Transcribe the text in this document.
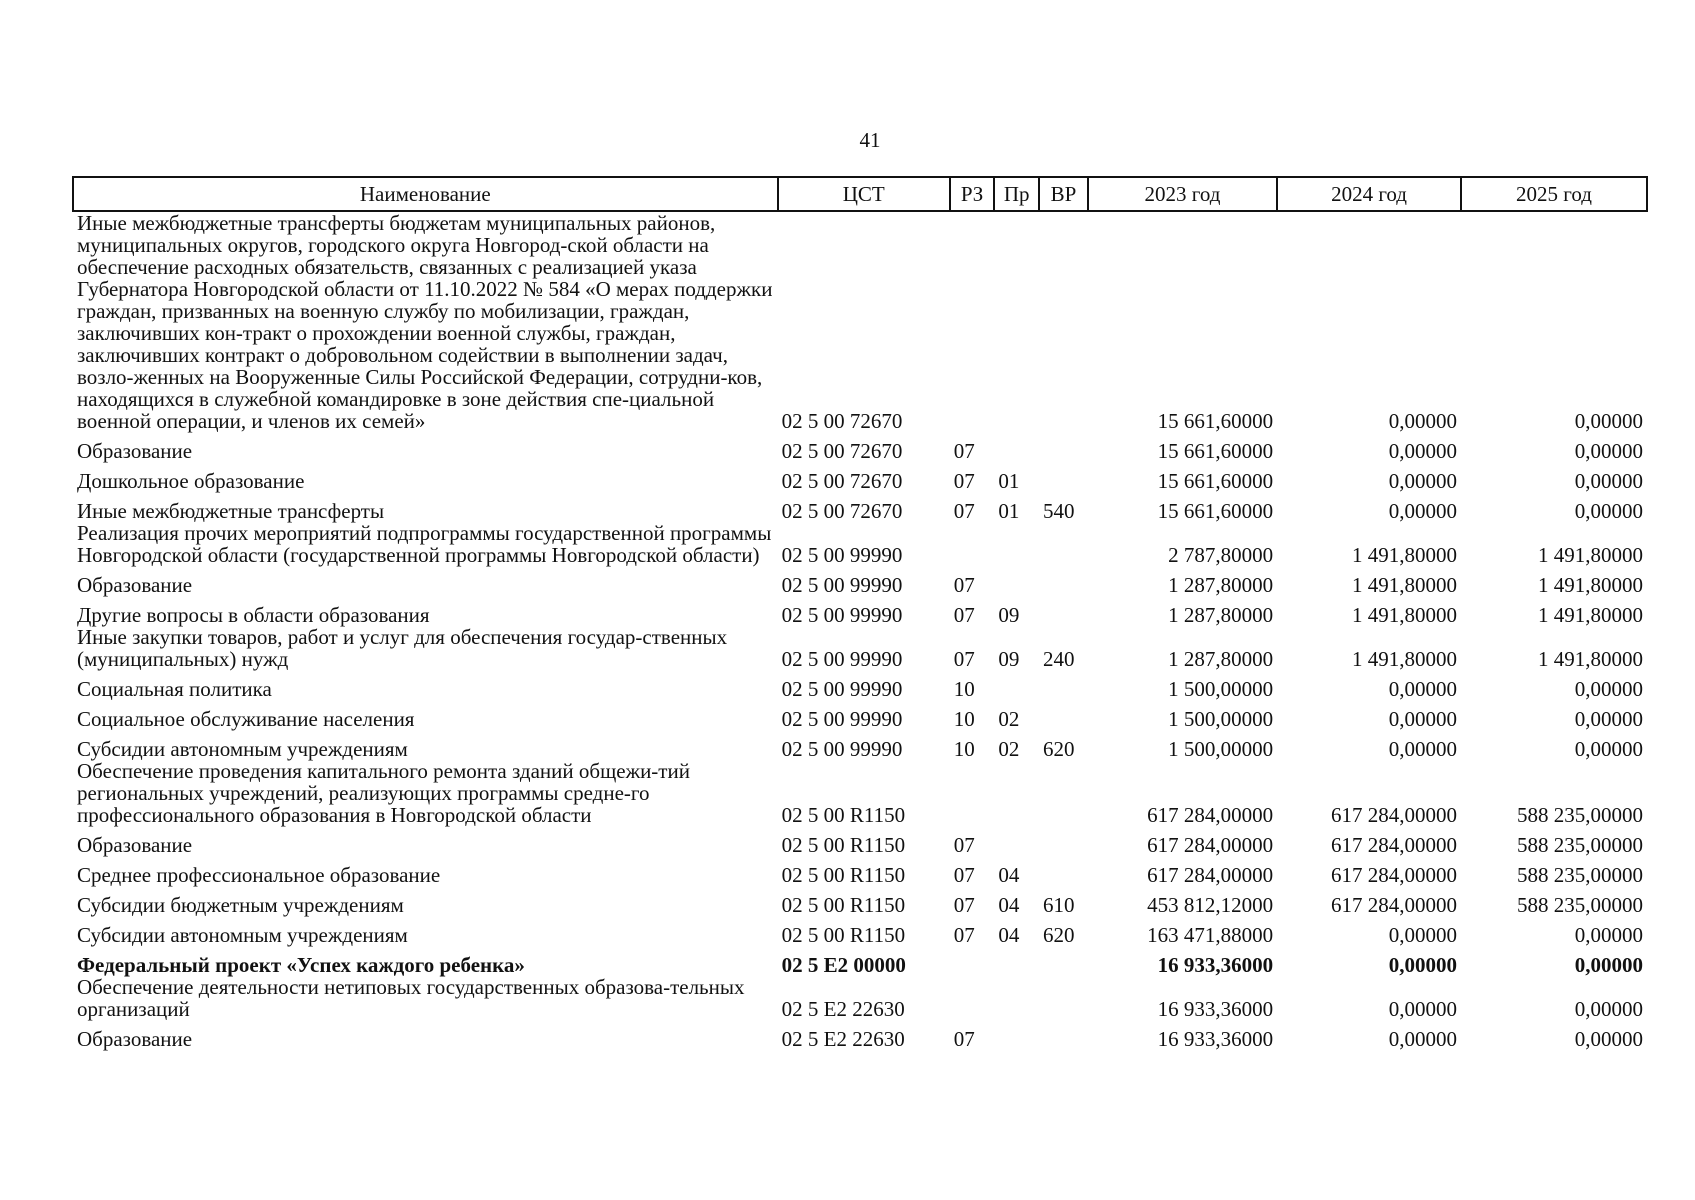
41
Наименование	ЦСТ	РЗ	Пр	ВР	2023 год	2024 год	2025 год
Иные межбюджетные трансферты бюджетам муниципальных районов, муниципальных округов, городского округа Новгород-ской области на обеспечение расходных обязательств, связанных с реализацией указа Губернатора Новгородской области от 11.10.2022 № 584 «О мерах поддержки граждан, призванных на военную службу по мобилизации, граждан, заключивших кон-тракт о прохождении военной службы, граждан, заключивших контракт о добровольном содействии в выполнении задач, возло-женных на Вооруженные Силы Российской Федерации, сотрудни-ков, находящихся в служебной командировке в зоне действия спе-циальной военной операции, и членов их семей»	02 5 00 72670				15 661,60000	0,00000	0,00000
Образование	02 5 00 72670	07			15 661,60000	0,00000	0,00000
Дошкольное образование	02 5 00 72670	07	01		15 661,60000	0,00000	0,00000
Иные межбюджетные трансферты	02 5 00 72670	07	01	540	15 661,60000	0,00000	0,00000
Реализация прочих мероприятий подпрограммы государственной программы Новгородской области (государственной программы Новгородской области)	02 5 00 99990				2 787,80000	1 491,80000	1 491,80000
Образование	02 5 00 99990	07			1 287,80000	1 491,80000	1 491,80000
Другие вопросы в области образования	02 5 00 99990	07	09		1 287,80000	1 491,80000	1 491,80000
Иные закупки товаров, работ и услуг для обеспечения государ-ственных (муниципальных) нужд	02 5 00 99990	07	09	240	1 287,80000	1 491,80000	1 491,80000
Социальная политика	02 5 00 99990	10			1 500,00000	0,00000	0,00000
Социальное обслуживание населения	02 5 00 99990	10	02		1 500,00000	0,00000	0,00000
Субсидии автономным учреждениям	02 5 00 99990	10	02	620	1 500,00000	0,00000	0,00000
Обеспечение проведения капитального ремонта зданий общежи-тий региональных учреждений, реализующих программы средне-го профессионального образования в Новгородской области	02 5 00 R1150				617 284,00000	617 284,00000	588 235,00000
Образование	02 5 00 R1150	07			617 284,00000	617 284,00000	588 235,00000
Среднее профессиональное образование	02 5 00 R1150	07	04		617 284,00000	617 284,00000	588 235,00000
Субсидии бюджетным учреждениям	02 5 00 R1150	07	04	610	453 812,12000	617 284,00000	588 235,00000
Субсидии автономным учреждениям	02 5 00 R1150	07	04	620	163 471,88000	0,00000	0,00000
Федеральный проект «Успех каждого ребенка»	02 5 E2 00000				16 933,36000	0,00000	0,00000
Обеспечение деятельности нетиповых государственных образова-тельных организаций	02 5 E2 22630				16 933,36000	0,00000	0,00000
Образование	02 5 E2 22630	07			16 933,36000	0,00000	0,00000
